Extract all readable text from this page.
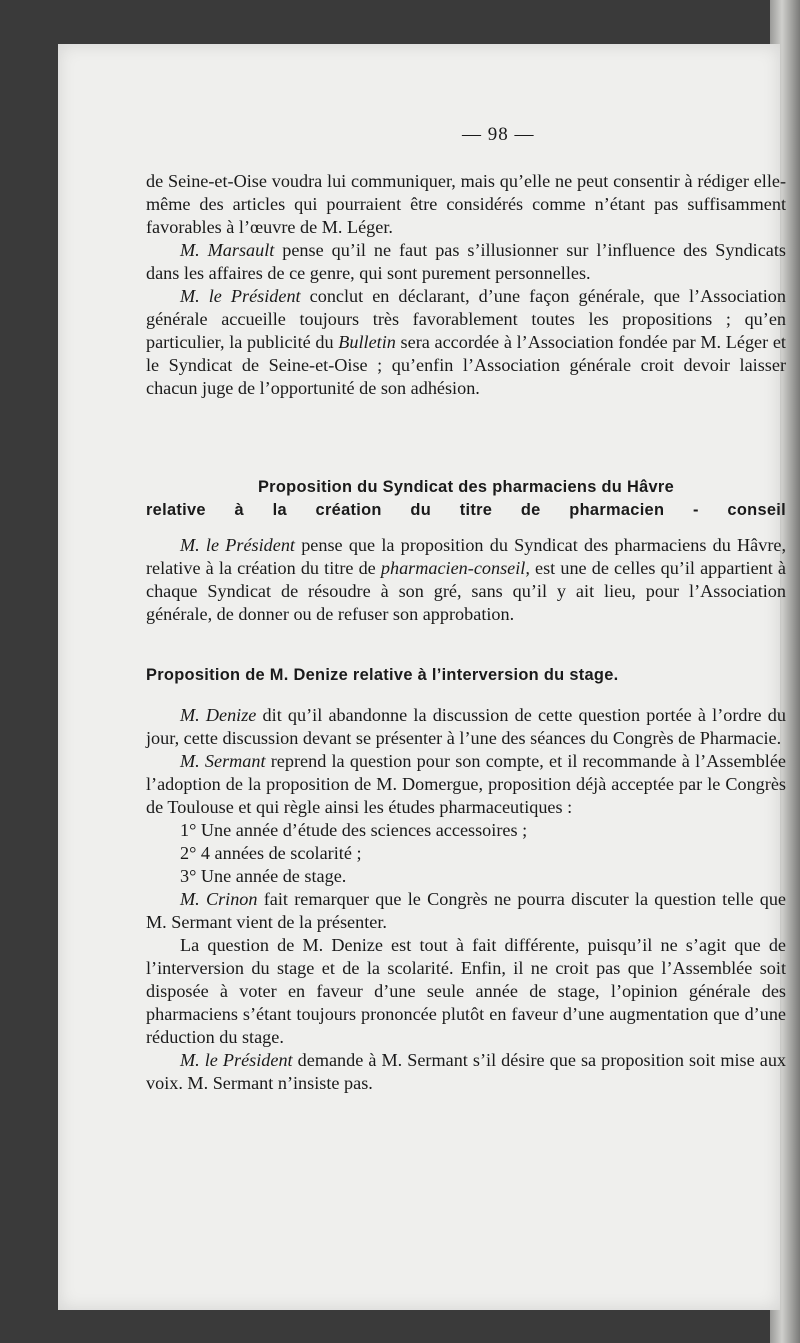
— 98 —

de Seine-et-Oise voudra lui communiquer, mais qu’elle ne peut consentir à rédiger elle-même des articles qui pourraient être considérés comme n’étant pas suffisamment favorables à l’œuvre de M. Léger.

M. Marsault pense qu’il ne faut pas s’illusionner sur l’influence des Syndicats dans les affaires de ce genre, qui sont purement personnelles.

M. le Président conclut en déclarant, d’une façon générale, que l’Association générale accueille toujours très favorablement toutes les propositions ; qu’en particulier, la publicité du Bulletin sera accordée à l’Association fondée par M. Léger et le Syndicat de Seine-et-Oise ; qu’enfin l’Association générale croit devoir laisser chacun juge de l’opportunité de son adhésion.

Proposition du Syndicat des pharmaciens du Hâvre

relative à la création du titre de pharmacien - conseil

M. le Président pense que la proposition du Syndicat des pharmaciens du Hâvre, relative à la création du titre de pharmacien-conseil, est une de celles qu’il appartient à chaque Syndicat de résoudre à son gré, sans qu’il y ait lieu, pour l’Association générale, de donner ou de refuser son approbation.

Proposition de M. Denize relative à l’interversion du stage.

M. Denize dit qu’il abandonne la discussion de cette question portée à l’ordre du jour, cette discussion devant se présenter à l’une des séances du Congrès de Pharmacie.

M. Sermant reprend la question pour son compte, et il recommande à l’Assemblée l’adoption de la proposition de M. Domergue, proposition déjà acceptée par le Congrès de Toulouse et qui règle ainsi les études pharmaceutiques :

1° Une année d’étude des sciences accessoires ;

2° 4 années de scolarité ;

3° Une année de stage.

M. Crinon fait remarquer que le Congrès ne pourra discuter la question telle que M. Sermant vient de la présenter.

La question de M. Denize est tout à fait différente, puisqu’il ne s’agit que de l’interversion du stage et de la scolarité. Enfin, il ne croit pas que l’Assemblée soit disposée à voter en faveur d’une seule année de stage, l’opinion générale des pharmaciens s’étant toujours prononcée plutôt en faveur d’une augmentation que d’une réduction du stage.

M. le Président demande à M. Sermant s’il désire que sa proposition soit mise aux voix. M. Sermant n’insiste pas.
